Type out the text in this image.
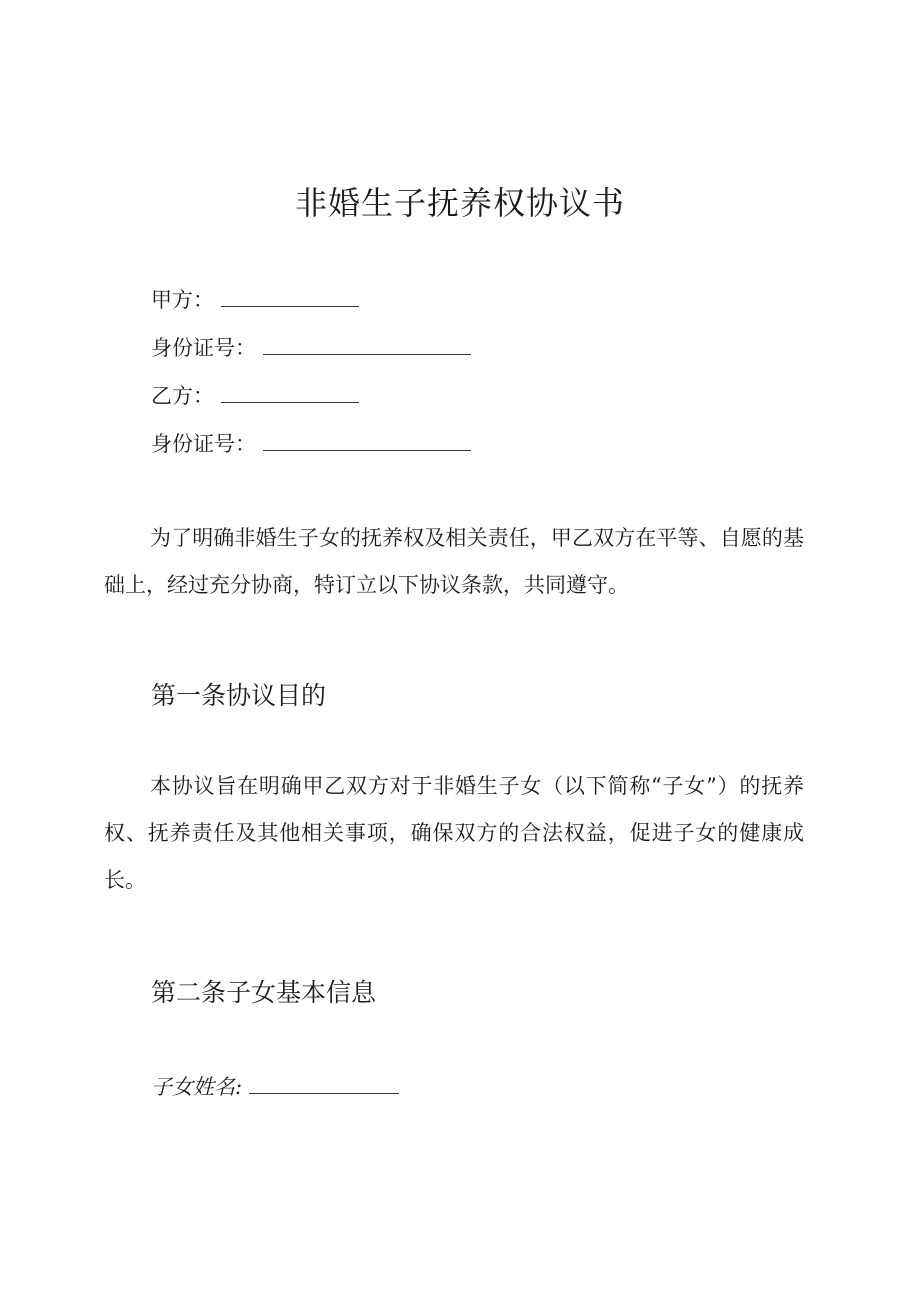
非婚生子抚养权协议书
甲方：
身份证号：
乙方：
身份证号：

为了明确非婚生子女的抚养权及相关责任，甲乙双方在平等、自愿的基础上，经过充分协商，特订立以下协议条款，共同遵守。

第一条协议目的

本协议旨在明确甲乙双方对于非婚生子女（以下简称“子女”）的抚养权、抚养责任及其他相关事项，确保双方的合法权益，促进子女的健康成长。

第二条子女基本信息
子女姓名:
